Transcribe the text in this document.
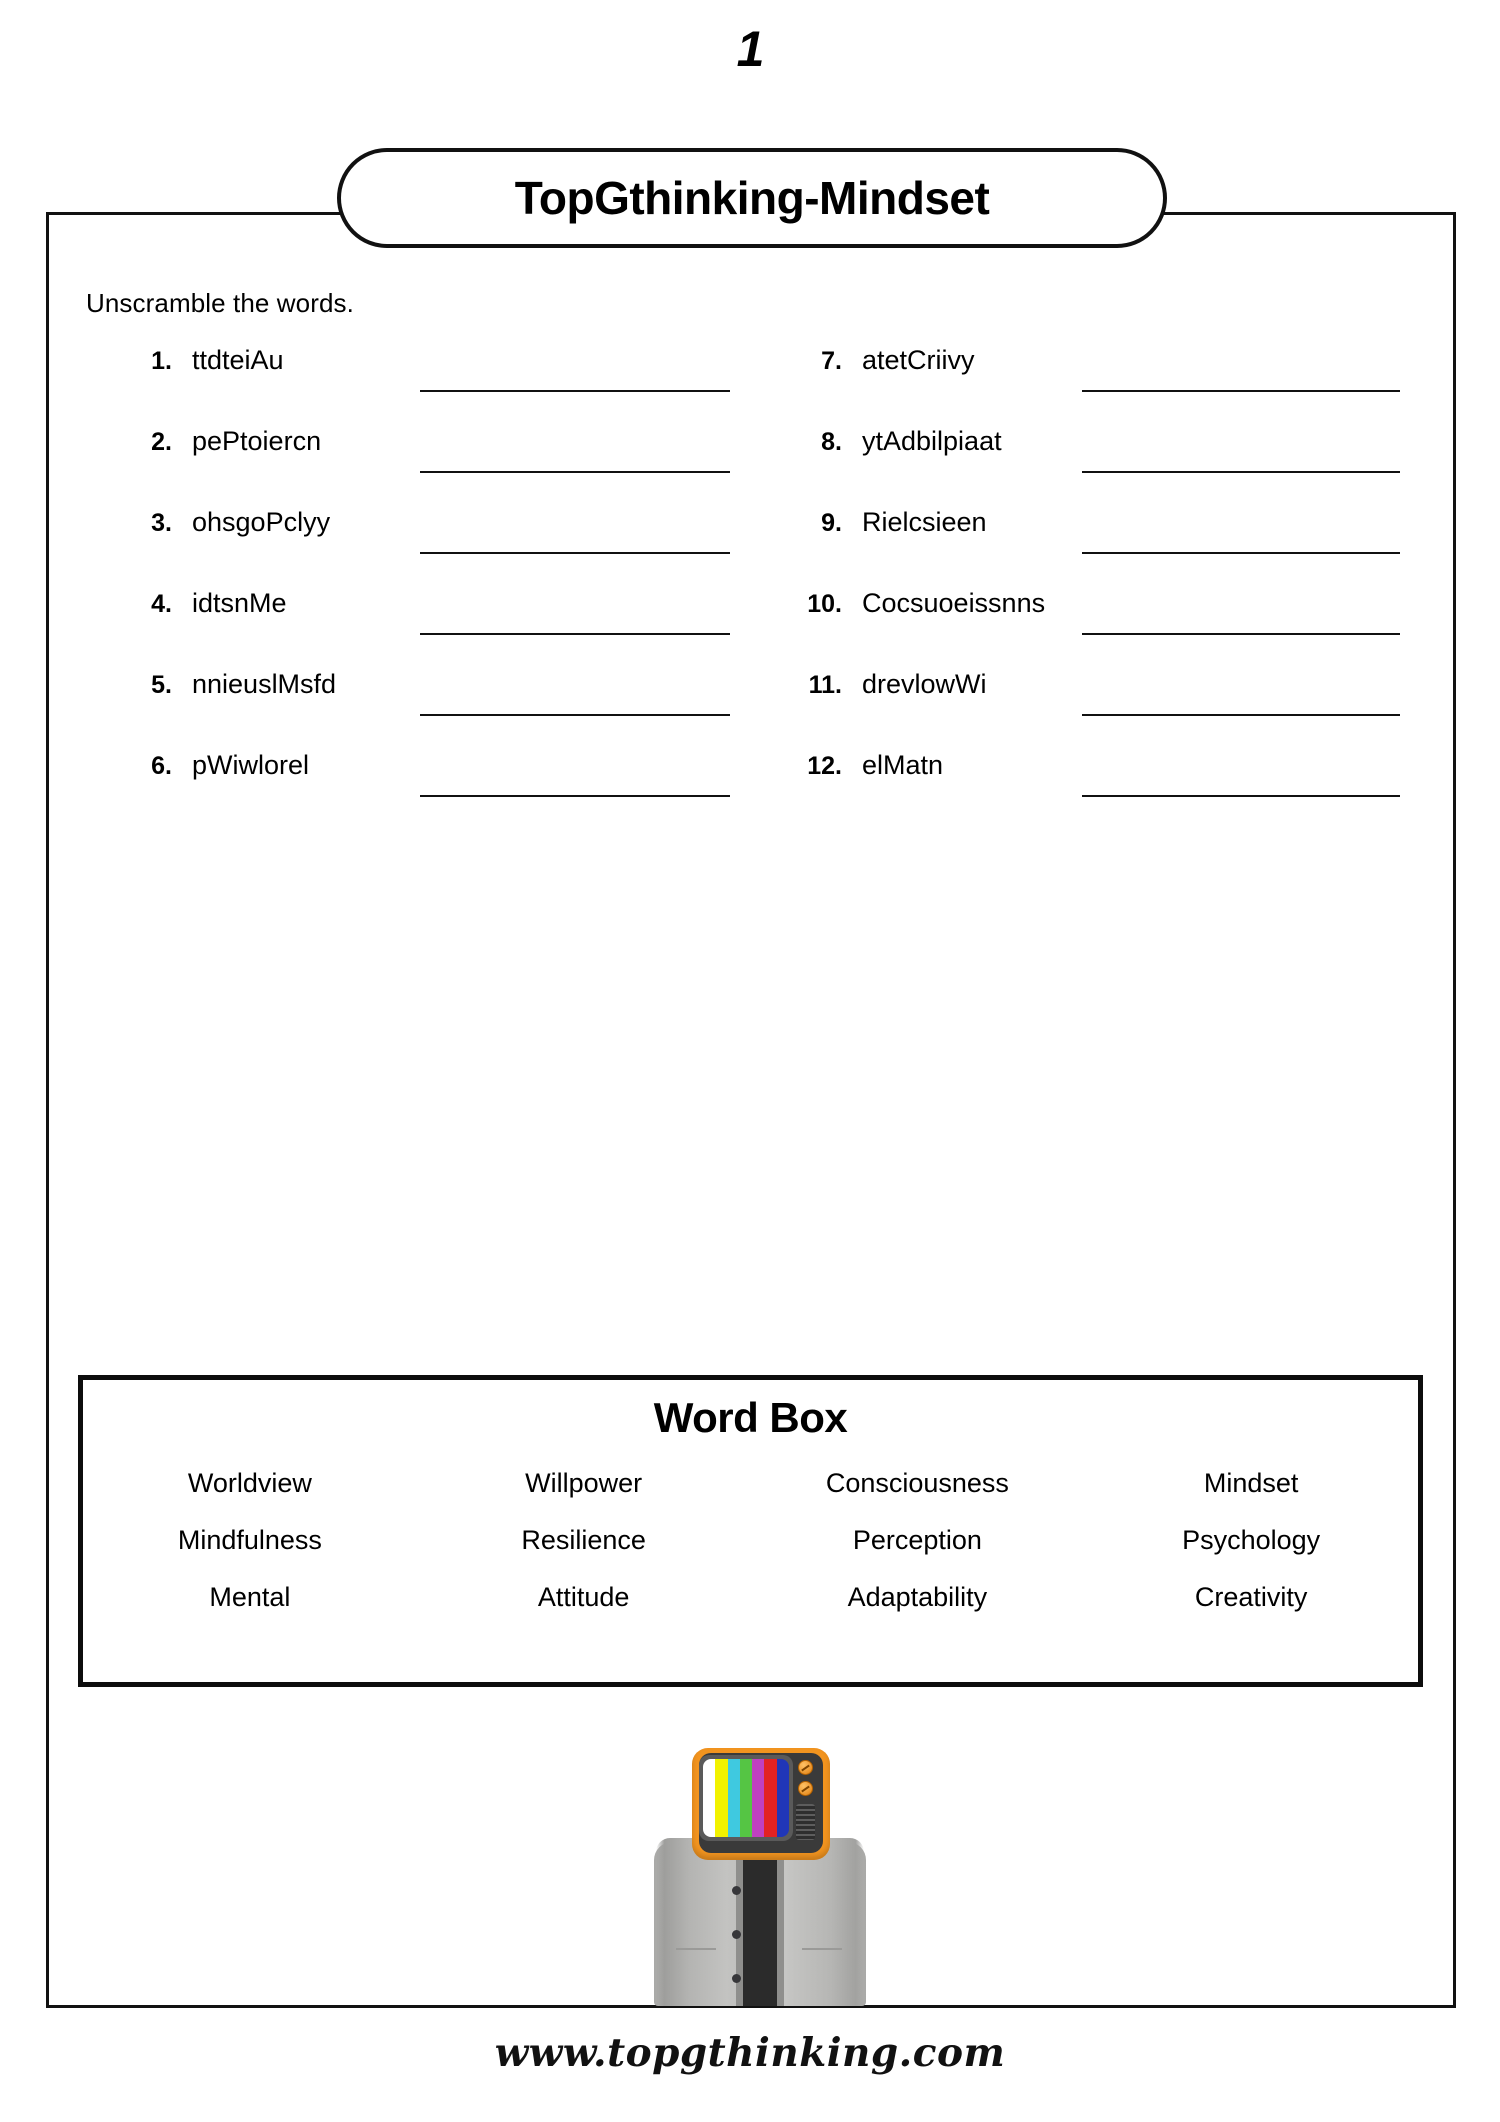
1
TopGthinking-Mindset
Unscramble the words.
1. ttdteiAu
2. pePtoiercn
3. ohsgoPclyy
4. idtsnMe
5. nnieuslMsfd
6. pWiwlorel
7. atetCriivy
8. ytAdbilpiaat
9. Rielcsieen
10. Cocsuoeissnns
11. drevlowWi
12. elMatn
Word Box
Worldview	Willpower	Consciousness	Mindset
Mindfulness	Resilience	Perception	Psychology
Mental	Attitude	Adaptability	Creativity
www.topgthinking.com
